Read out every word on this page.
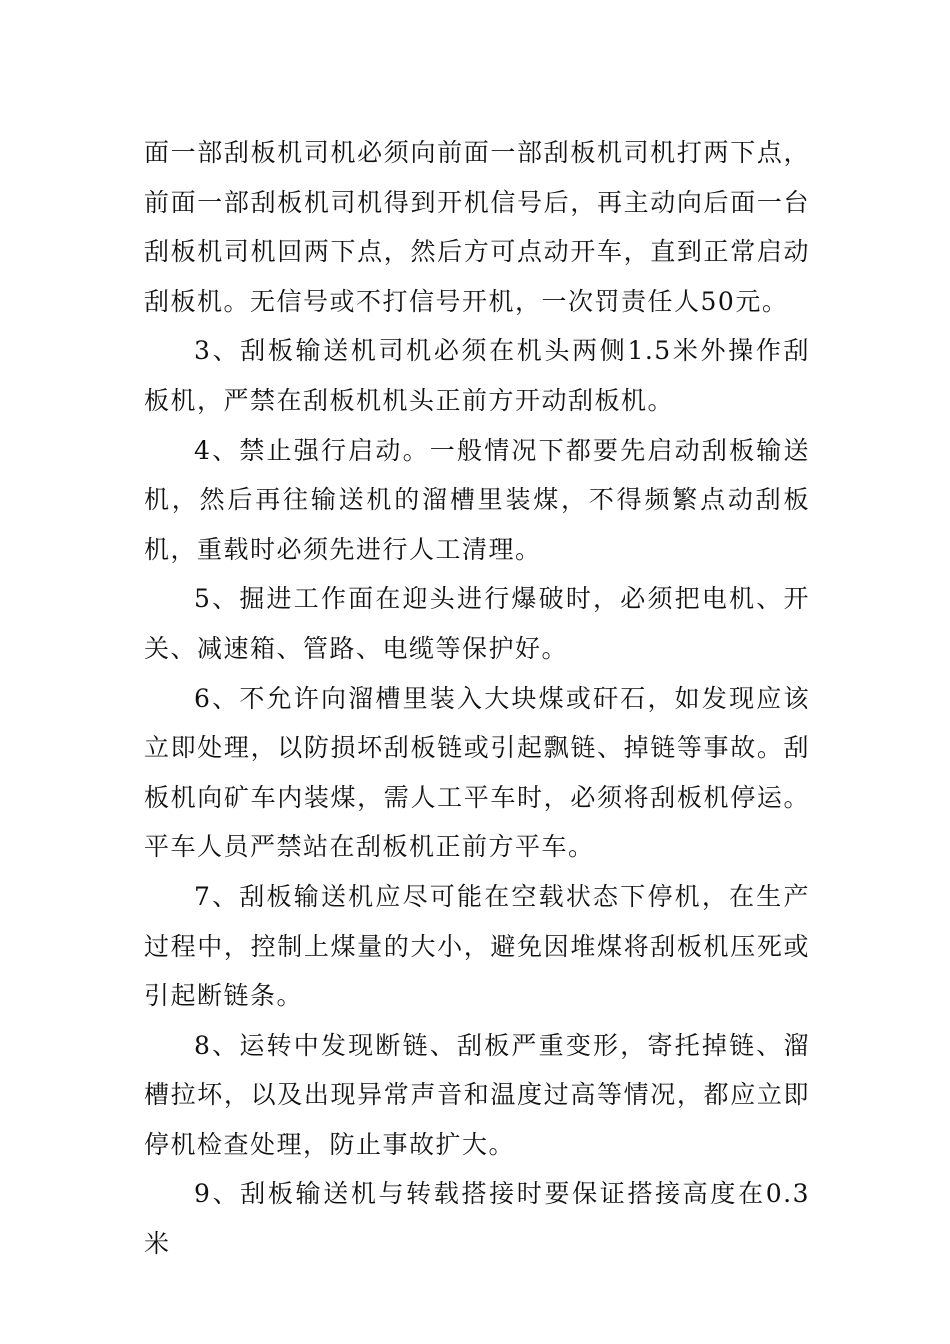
面一部刮板机司机必须向前面一部刮板机司机打两下点，前面一部刮板机司机得到开机信号后，再主动向后面一台刮板机司机回两下点，然后方可点动开车，直到正常启动刮板机。无信号或不打信号开机，一次罚责任人50元。

3、刮板输送机司机必须在机头两侧1.5米外操作刮板机，严禁在刮板机机头正前方开动刮板机。

4、禁止强行启动。一般情况下都要先启动刮板输送机，然后再往输送机的溜槽里装煤，不得频繁点动刮板机，重载时必须先进行人工清理。

5、掘进工作面在迎头进行爆破时，必须把电机、开关、减速箱、管路、电缆等保护好。

6、不允许向溜槽里装入大块煤或矸石，如发现应该立即处理，以防损坏刮板链或引起飘链、掉链等事故。刮板机向矿车内装煤，需人工平车时，必须将刮板机停运。平车人员严禁站在刮板机正前方平车。

7、刮板输送机应尽可能在空载状态下停机，在生产过程中，控制上煤量的大小，避免因堆煤将刮板机压死或引起断链条。

8、运转中发现断链、刮板严重变形，寄托掉链、溜槽拉坏，以及出现异常声音和温度过高等情况，都应立即停机检查处理，防止事故扩大。

9、刮板输送机与转载搭接时要保证搭接高度在0.3米
